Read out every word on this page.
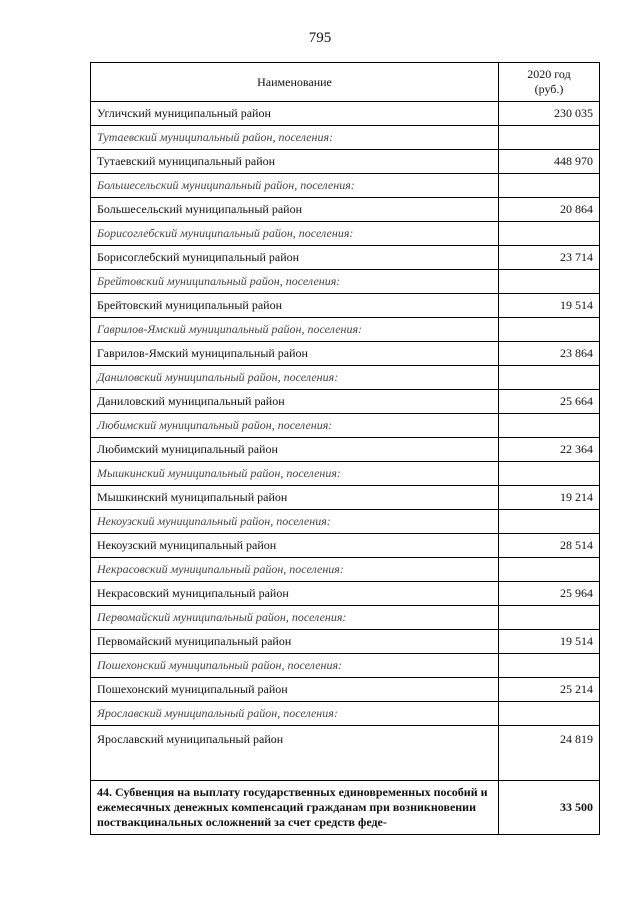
795
Наименование	2020 год
(руб.)
Угличский муниципальный район	230 035
Тутаевский муниципальный район, поселения:	
Тутаевский муниципальный район	448 970
Большесельский муниципальный район, поселения:	
Большесельский муниципальный район	20 864
Борисоглебский муниципальный район, поселения:	
Борисоглебский муниципальный район	23 714
Брейтовский муниципальный район, поселения:	
Брейтовский муниципальный район	19 514
Гаврилов-Ямский муниципальный район, поселения:	
Гаврилов-Ямский муниципальный район	23 864
Даниловский муниципальный район, поселения:	
Даниловский муниципальный район	25 664
Любимский муниципальный район, поселения:	
Любимский муниципальный район	22 364
Мышкинский муниципальный район, поселения:	
Мышкинский муниципальный район	19 214
Некоузский муниципальный район, поселения:	
Некоузский муниципальный район	28 514
Некрасовский муниципальный район, поселения:	
Некрасовский муниципальный район	25 964
Первомайский муниципальный район, поселения:	
Первомайский муниципальный район	19 514
Пошехонский муниципальный район, поселения:	
Пошехонский муниципальный район	25 214
Ярославский муниципальный район, поселения:	
Ярославский муниципальный район	24 819
44. Субвенция на выплату государственных единовременных пособий и ежемесячных денежных компенсаций гражданам при возникновении поствакцинальных осложнений за счет средств феде-	33 500
